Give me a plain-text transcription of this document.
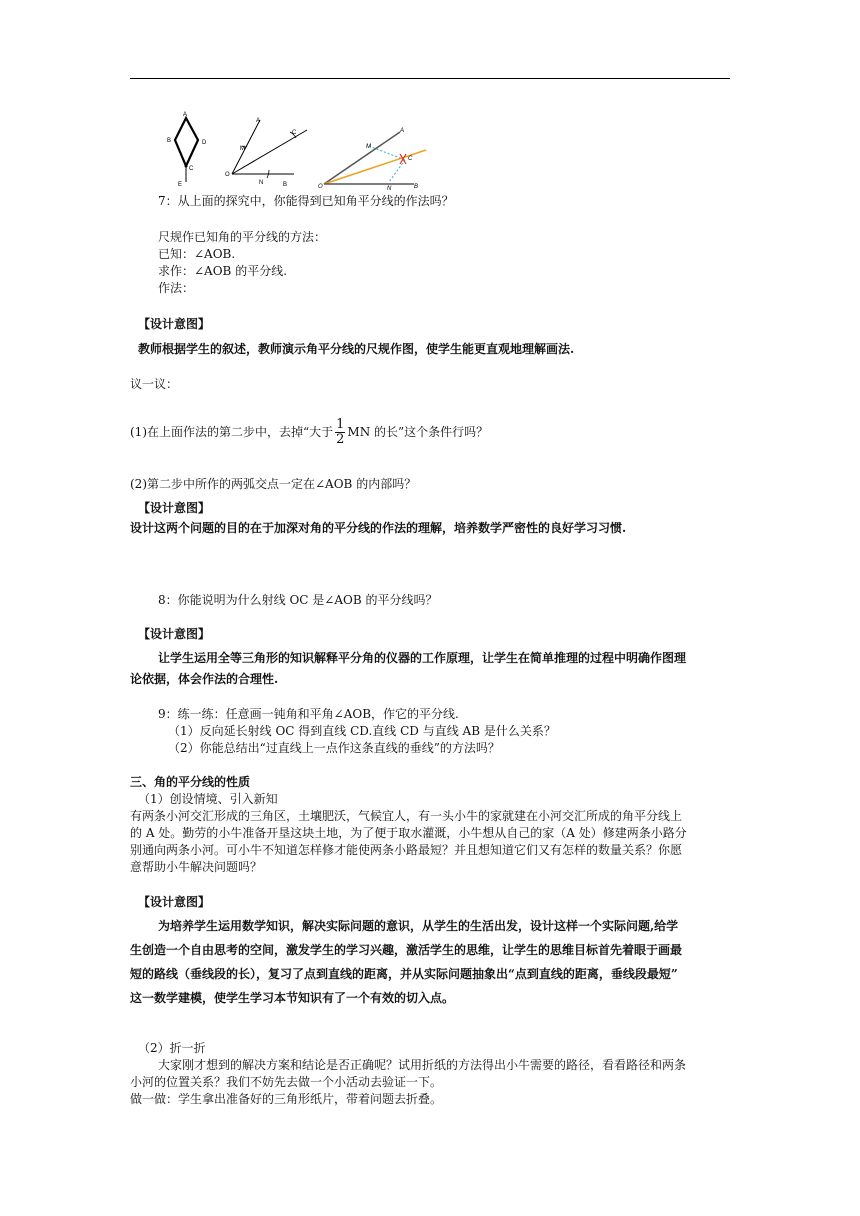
A
B	D
C
E
A
M
C
O
N	B
A
M
C
O	N	B
7：从上面的探究中，你能得到已知角平分线的作法吗？
尺规作已知角的平分线的方法：
已知：∠AOB.
求作：∠AOB 的平分线.
作法：
【设计意图】
教师根据学生的叙述，教师演示角平分线的尺规作图，使学生能更直观地理解画法.
议一议：
(1)在上面作法的第二步中，去掉“大于 $\frac{1}{2}$ MN 的长”这个条件行吗？
(2)第二步中所作的两弧交点一定在∠AOB 的内部吗？
【设计意图】
设计这两个问题的目的在于加深对角的平分线的作法的理解，培养数学严密性的良好学习习惯.
8：你能说明为什么射线 OC 是∠AOB 的平分线吗？
【设计意图】
让学生运用全等三角形的知识解释平分角的仪器的工作原理，让学生在简单推理的过程中明确作图理
论依据，体会作法的合理性.
9：练一练：任意画一钝角和平角∠AOB，作它的平分线.
（1）反向延长射线 OC 得到直线 CD.直线 CD 与直线 AB 是什么关系？
（2）你能总结出“过直线上一点作这条直线的垂线”的方法吗？
三、角的平分线的性质
（1）创设情境、引入新知
有两条小河交汇形成的三角区，土壤肥沃，气候宜人，有一头小牛的家就建在小河交汇所成的角平分线上
的 A 处。勤劳的小牛准备开垦这块土地，为了便于取水灌溉，小牛想从自己的家（A 处）修建两条小路分
别通向两条小河。可小牛不知道怎样修才能使两条小路最短？并且想知道它们又有怎样的数量关系？你愿
意帮助小牛解决问题吗？
【设计意图】
为培养学生运用数学知识，解决实际问题的意识，从学生的生活出发，设计这样一个实际问题,给学
生创造一个自由思考的空间，激发学生的学习兴趣，激活学生的思维，让学生的思维目标首先着眼于画最
短的路线（垂线段的长），复习了点到直线的距离，并从实际问题抽象出“点到直线的距离，垂线段最短”
这一数学建模，使学生学习本节知识有了一个有效的切入点。
（2）折一折
大家刚才想到的解决方案和结论是否正确呢？试用折纸的方法得出小牛需要的路径，看看路径和两条
小河的位置关系？我们不妨先去做一个小活动去验证一下。
做一做：学生拿出准备好的三角形纸片，带着问题去折叠。
